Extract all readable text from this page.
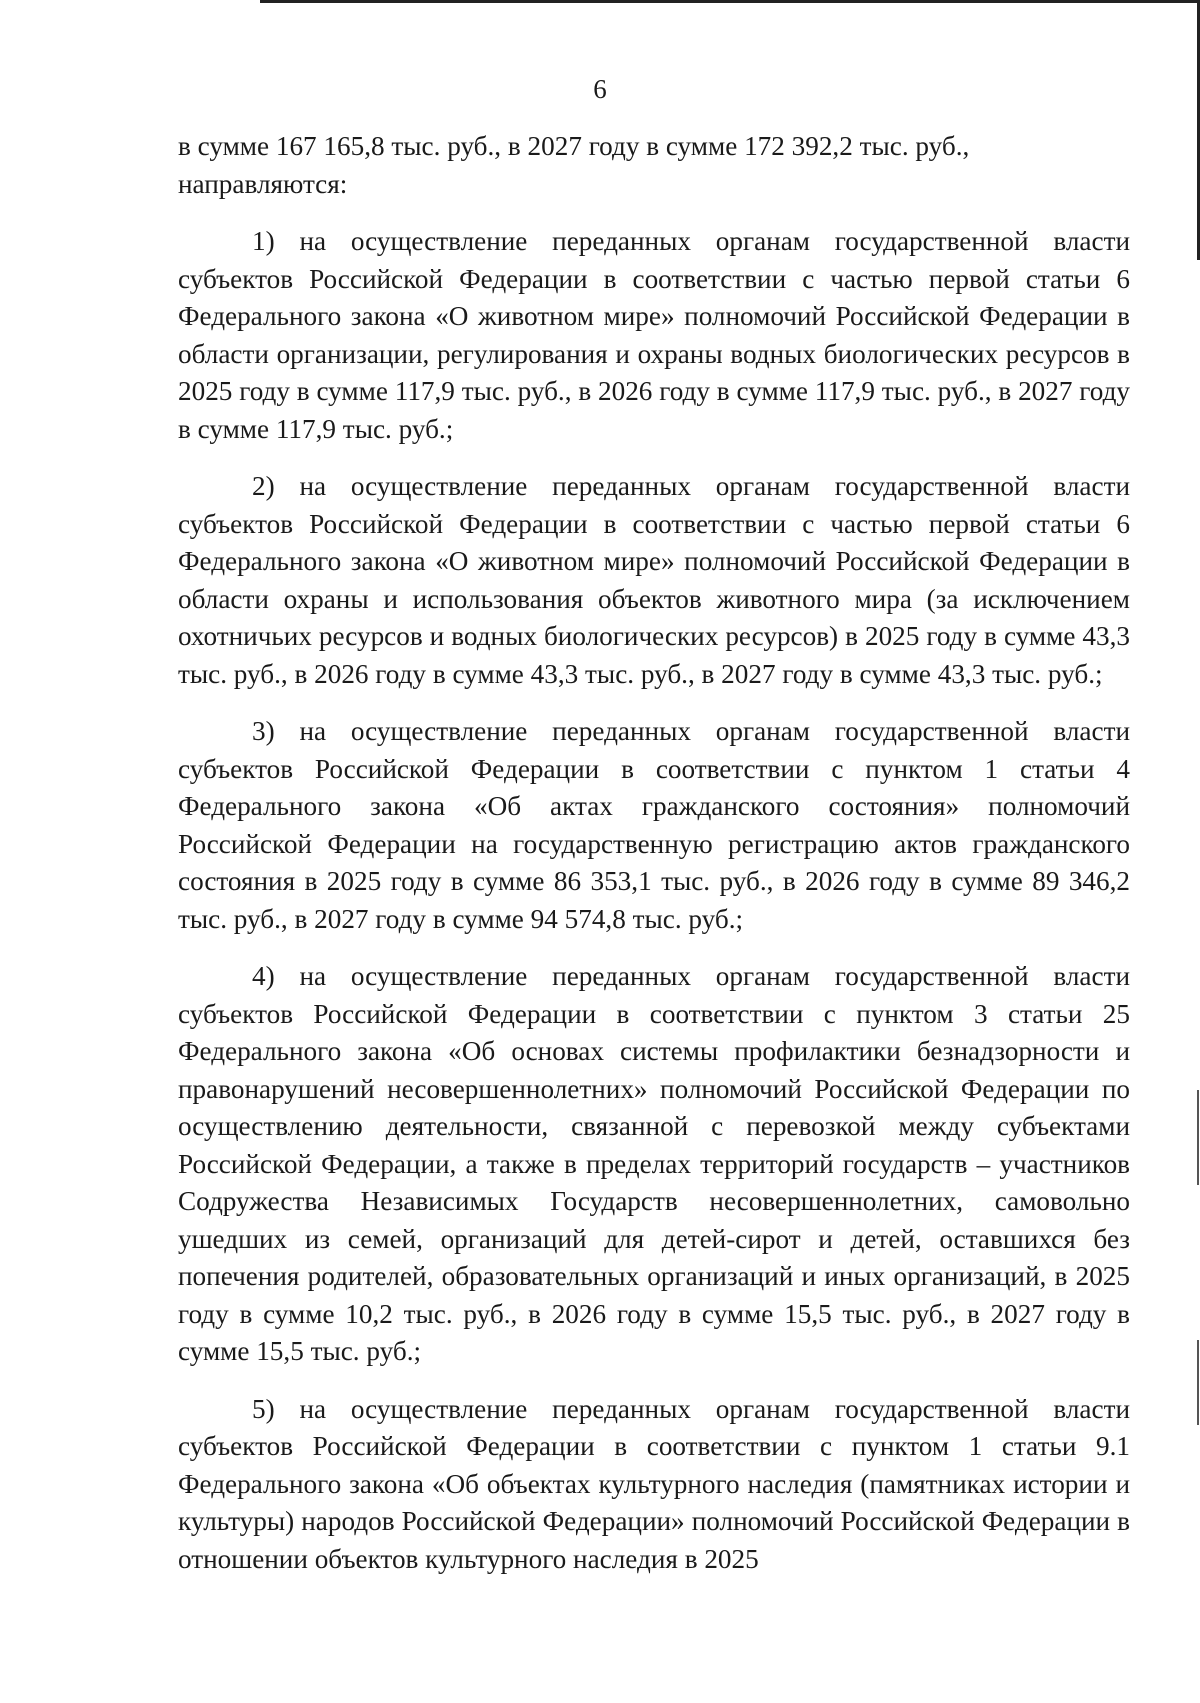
6

в сумме 167 165,8 тыс. руб., в 2027 году в сумме 172 392,2 тыс. руб.,
направляются:

1) на осуществление переданных органам государственной власти субъектов Российской Федерации в соответствии с частью первой статьи 6 Федерального закона «О животном мире» полномочий Российской Федерации в области организации, регулирования и охраны водных биологических ресурсов в 2025 году в сумме 117,9 тыс. руб., в 2026 году в сумме 117,9 тыс. руб., в 2027 году в сумме 117,9 тыс. руб.;

2) на осуществление переданных органам государственной власти субъектов Российской Федерации в соответствии с частью первой статьи 6 Федерального закона «О животном мире» полномочий Российской Федерации в области охраны и использования объектов животного мира (за исключением охотничьих ресурсов и водных биологических ресурсов) в 2025 году в сумме 43,3 тыс. руб., в 2026 году в сумме 43,3 тыс. руб., в 2027 году в сумме 43,3 тыс. руб.;

3) на осуществление переданных органам государственной власти субъектов Российской Федерации в соответствии с пунктом 1 статьи 4 Федерального закона «Об актах гражданского состояния» полномочий Российской Федерации на государственную регистрацию актов гражданского состояния в 2025 году в сумме 86 353,1 тыс. руб., в 2026 году в сумме 89 346,2 тыс. руб., в 2027 году в сумме 94 574,8 тыс. руб.;

4) на осуществление переданных органам государственной власти субъектов Российской Федерации в соответствии с пунктом 3 статьи 25 Федерального закона «Об основах системы профилактики безнадзорности и правонарушений несовершеннолетних» полномочий Российской Федерации по осуществлению деятельности, связанной с перевозкой между субъектами Российской Федерации, а также в пределах территорий государств – участников Содружества Независимых Государств несовершеннолетних, самовольно ушедших из семей, организаций для детей-сирот и детей, оставшихся без попечения родителей, образовательных организаций и иных организаций, в 2025 году в сумме 10,2 тыс. руб., в 2026 году в сумме 15,5 тыс. руб., в 2027 году в сумме 15,5 тыс. руб.;

5) на осуществление переданных органам государственной власти субъектов Российской Федерации в соответствии с пунктом 1 статьи 9.1 Федерального закона «Об объектах культурного наследия (памятниках истории и культуры) народов Российской Федерации» полномочий Российской Федерации в отношении объектов культурного наследия в 2025
